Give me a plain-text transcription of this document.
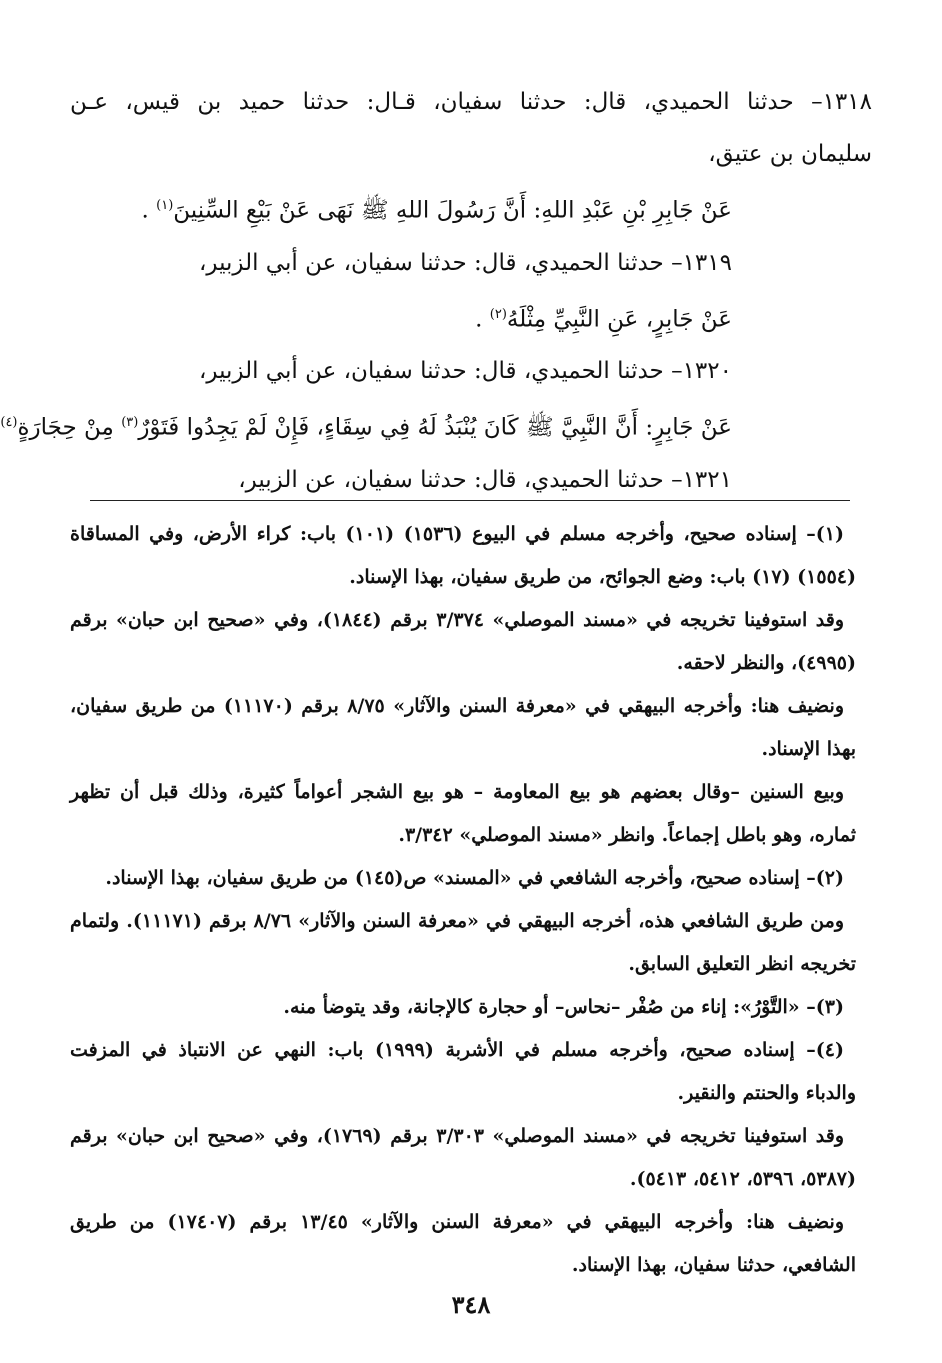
١٣١٨– حدثنا الحميدي، قال: حدثنا سفيان، قـال: حدثنا حميد بن قيس، عـن
سليمان بن عتيق،
عَنْ جَابِرِ بْنِ عَبْدِ اللهِ: أَنَّ رَسُولَ اللهِ ﷺ نَهَى عَنْ بَيْعِ السِّنِينَ$^{(١)}$ .
١٣١٩– حدثنا الحميدي، قال: حدثنا سفيان، عن أبي الزبير،
عَنْ جَابِرٍ، عَنِ النَّبِيِّ مِثْلَهُ$^{(٢)}$ .
١٣٢٠– حدثنا الحميدي، قال: حدثنا سفيان، عن أبي الزبير،
عَنْ جَابِرٍ: أَنَّ النَّبِيَّ ﷺ كَانَ يُنْبَذُ لَهُ فِي سِقَاءٍ، فَإِنْ لَمْ يَجِدُوا فَتَوْرٌ$^{(٣)}$ مِنْ حِجَارَةٍ$^{(٤)}$
١٣٢١– حدثنا الحميدي، قال: حدثنا سفيان، عن الزبير،
(١)– إسناده صحيح، وأخرجه مسلم في البيوع (١٥٣٦) (١٠١) باب: كراء الأرض، وفي المساقاة
(١٥٥٤) (١٧) باب: وضع الجوائح، من طريق سفيان، بهذا الإسناد.
وقد استوفينا تخريجه في «مسند الموصلي» ٣/٣٧٤ برقم (١٨٤٤)، وفي «صحيح ابن حبان» برقم
(٤٩٩٥)، والنظر لاحقه.
ونضيف هنا: وأخرجه البيهقي في «معرفة السنن والآثار» ٨/٧٥ برقم (١١١٧٠) من طريق سفيان،
بهذا الإسناد.
وبيع السنين –وقال بعضهم هو بيع المعاومة – هو بيع الشجر أعواماً كثيرة، وذلك قبل أن تظهر
ثماره، وهو باطل إجماعاً. وانظر «مسند الموصلي» ٣/٣٤٢.
(٢)– إسناده صحيح، وأخرجه الشافعي في «المسند» ص(١٤٥) من طريق سفيان، بهذا الإسناد.
ومن طريق الشافعي هذه، أخرجه البيهقي في «معرفة السنن والآثار» ٨/٧٦ برقم (١١١٧١). ولتمام
تخريجه انظر التعليق السابق.
(٣)– «التَّوْرُ»: إناء من صُفْر –نحاس– أو حجارة كالإجانة، وقد يتوضأ منه.
(٤)– إسناده صحيح، وأخرجه مسلم في الأشربة (١٩٩٩) باب: النهي عن الانتباذ في المزفت
والدباء والحنتم والنقير.
وقد استوفينا تخريجه في «مسند الموصلي» ٣/٣٠٣ برقم (١٧٦٩)، وفي «صحيح ابن حبان» برقم
(٥٣٨٧، ٥٣٩٦، ٥٤١٢، ٥٤١٣).
ونضيف هنا: وأخرجه البيهقي في «معرفة السنن والآثار» ١٣/٤٥ برقم (١٧٤٠٧) من طريق
الشافعي، حدثنا سفيان، بهذا الإسناد.
٣٤٨
